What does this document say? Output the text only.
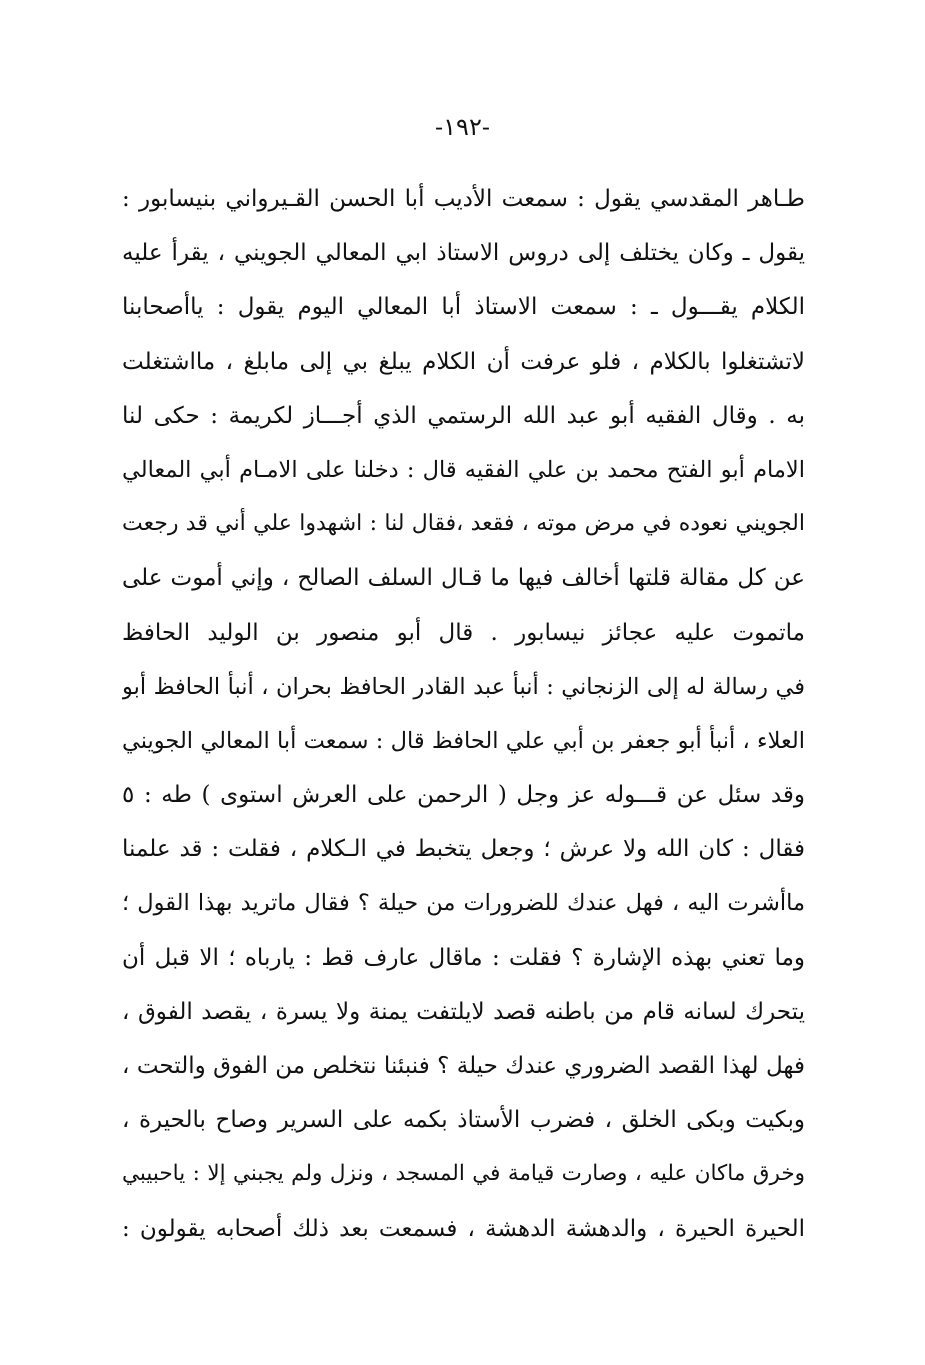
-١٩٢-
طـاهر المقدسي يقول : سمعت الأديب أبا الحسن القـيرواني بنيسابور :
يقول ـ وكان يختلف إلى دروس الاستاذ ابي المعالي الجويني ، يقرأ عليه
الكلام يقـــول ـ : سمعت الاستاذ أبا المعالي اليوم يقول : ياأصحابنا
لاتشتغلوا بالكلام ، فلو عرفت أن الكلام يبلغ بي إلى مابلغ ، مااشتغلت
به . وقال الفقيه أبو عبد الله الرستمي الذي أجـــاز لكريمة : حكى لنا
الامام أبو الفتح محمد بن علي الفقيه قال : دخلنا على الامـام أبي المعالي
الجويني نعوده في مرض موته ، فقعد ،فقال لنا : اشهدوا علي أني قد رجعت
عن كل مقالة قلتها أخالف فيها ما قـال السلف الصالح ، وإني أموت على
ماتموت عليه عجائز نيسابور . قال أبو منصور بن الوليد الحافظ
في رسالة له إلى الزنجاني : أنبأ عبد القادر الحافظ بحران ، أنبأ الحافظ أبو
العلاء ، أنبأ أبو جعفر بن أبي علي الحافظ قال : سمعت أبا المعالي الجويني
وقد سئل عن قـــوله عز وجل ( الرحمن على العرش استوى ) طه : ٥
فقال : كان الله ولا عرش ؛ وجعل يتخبط في الـكلام ، فقلت : قد علمنا
ماأشرت اليه ، فهل عندك للضرورات من حيلة ؟ فقال ماتريد بهذا القول ؛
وما تعني بهذه الإشارة ؟ فقلت : ماقال عارف قط : يارباه ؛ الا قبل أن
يتحرك لسانه قام من باطنه قصد لايلتفت يمنة ولا يسرة ، يقصد الفوق ،
فهل لهذا القصد الضروري عندك حيلة ؟ فنبئنا نتخلص من الفوق والتحت ،
وبكيت وبكى الخلق ، فضرب الأستاذ بكمه على السرير وصاح بالحيرة ،
وخرق ماكان عليه ، وصارت قيامة في المسجد ، ونزل ولم يجبني إلا : ياحبيبي
الحيرة الحيرة ، والدهشة الدهشة ، فسمعت بعد ذلك أصحابه يقولون :
